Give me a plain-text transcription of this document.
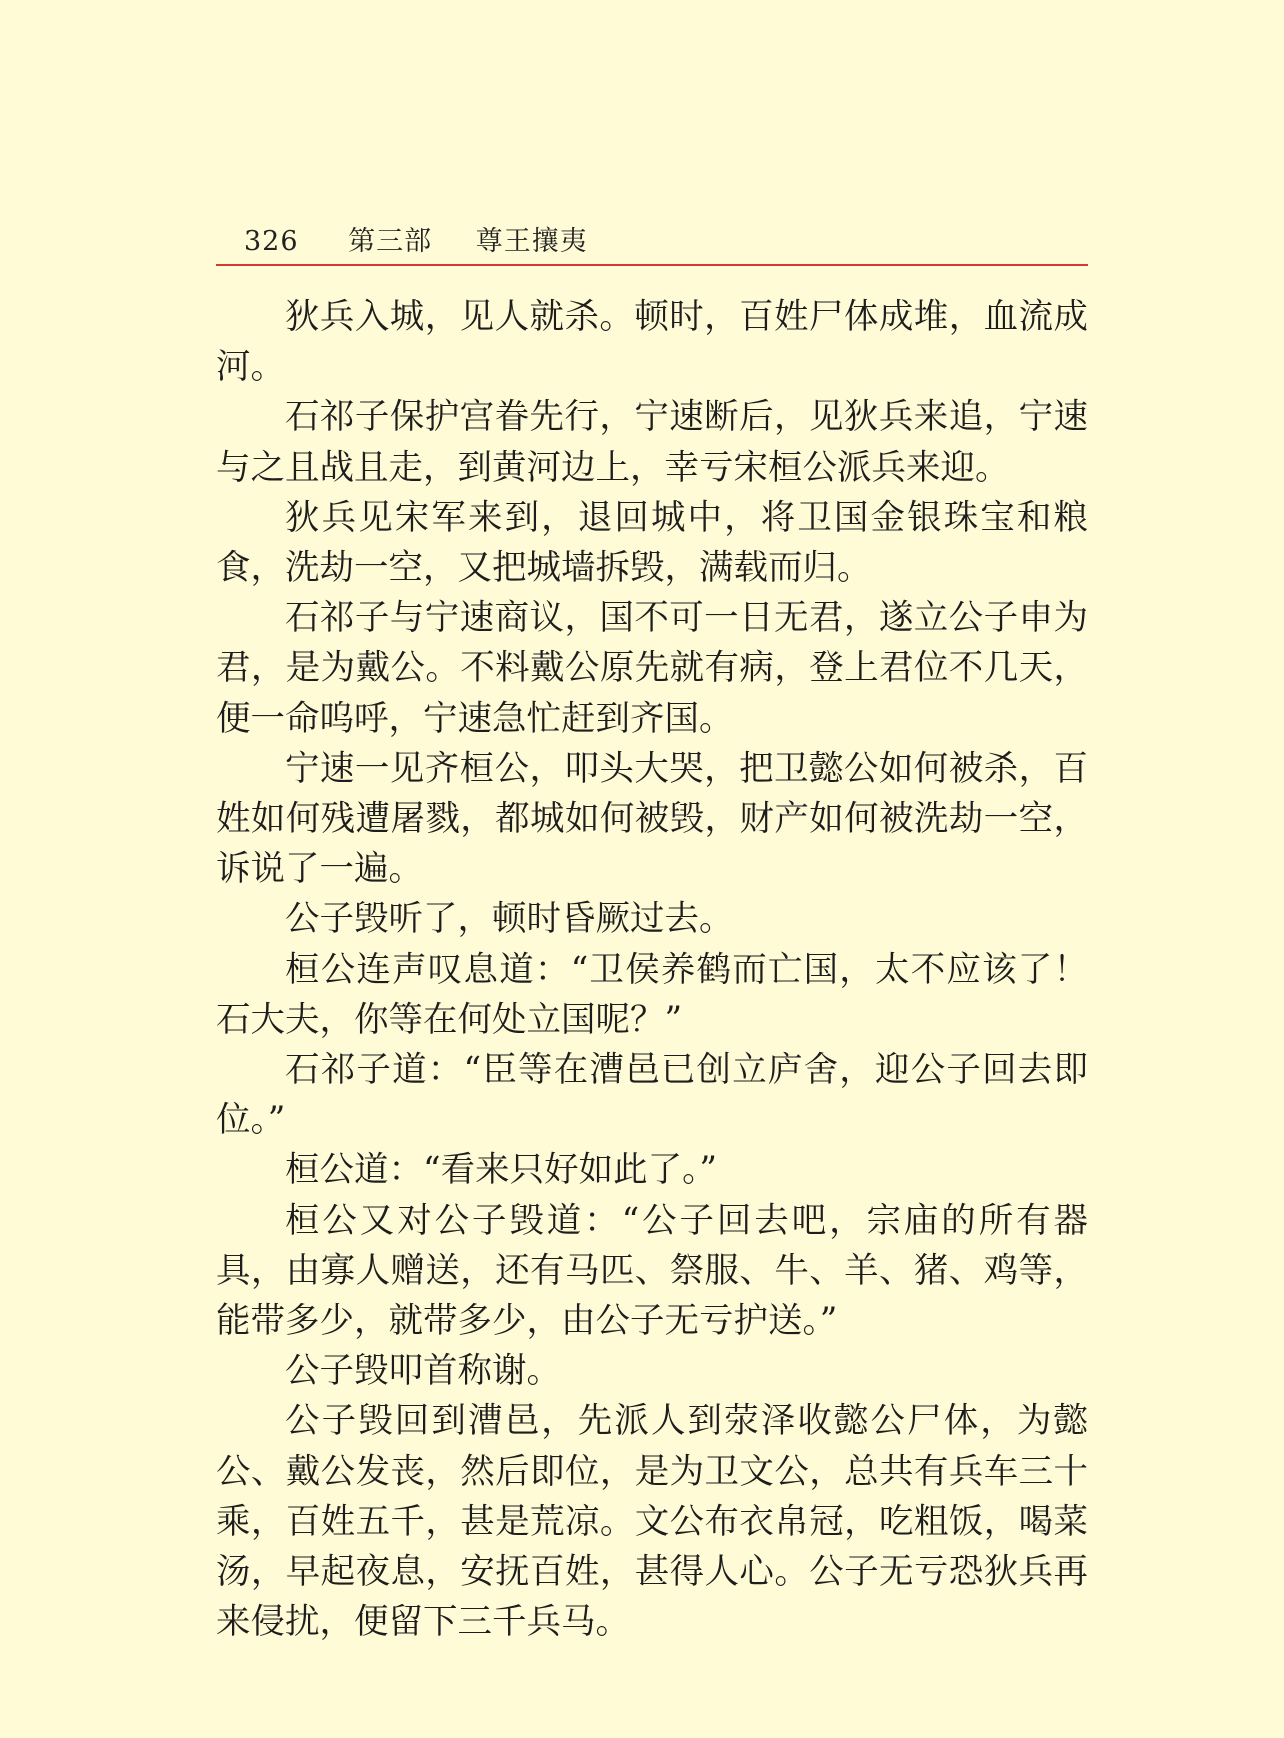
326 第三部 尊王攘夷

狄兵入城，见人就杀。顿时，百姓尸体成堆，血流成河。

石祁子保护宫眷先行，宁速断后，见狄兵来追，宁速与之且战且走，到黄河边上，幸亏宋桓公派兵来迎。

狄兵见宋军来到，退回城中，将卫国金银珠宝和粮食，洗劫一空，又把城墙拆毁，满载而归。

石祁子与宁速商议，国不可一日无君，遂立公子申为君，是为戴公。不料戴公原先就有病，登上君位不几天，便一命呜呼，宁速急忙赶到齐国。

宁速一见齐桓公，叩头大哭，把卫懿公如何被杀，百姓如何残遭屠戮，都城如何被毁，财产如何被洗劫一空，诉说了一遍。

公子毁听了，顿时昏厥过去。

桓公连声叹息道：“卫侯养鹤而亡国，太不应该了！石大夫，你等在何处立国呢？”

石祁子道：“臣等在漕邑已创立庐舍，迎公子回去即位。”

桓公道：“看来只好如此了。”

桓公又对公子毁道：“公子回去吧，宗庙的所有器具，由寡人赠送，还有马匹、祭服、牛、羊、猪、鸡等，能带多少，就带多少，由公子无亏护送。”

公子毁叩首称谢。

公子毁回到漕邑，先派人到荥泽收懿公尸体，为懿公、戴公发丧，然后即位，是为卫文公，总共有兵车三十乘，百姓五千，甚是荒凉。文公布衣帛冠，吃粗饭，喝菜汤，早起夜息，安抚百姓，甚得人心。公子无亏恐狄兵再来侵扰，便留下三千兵马。
